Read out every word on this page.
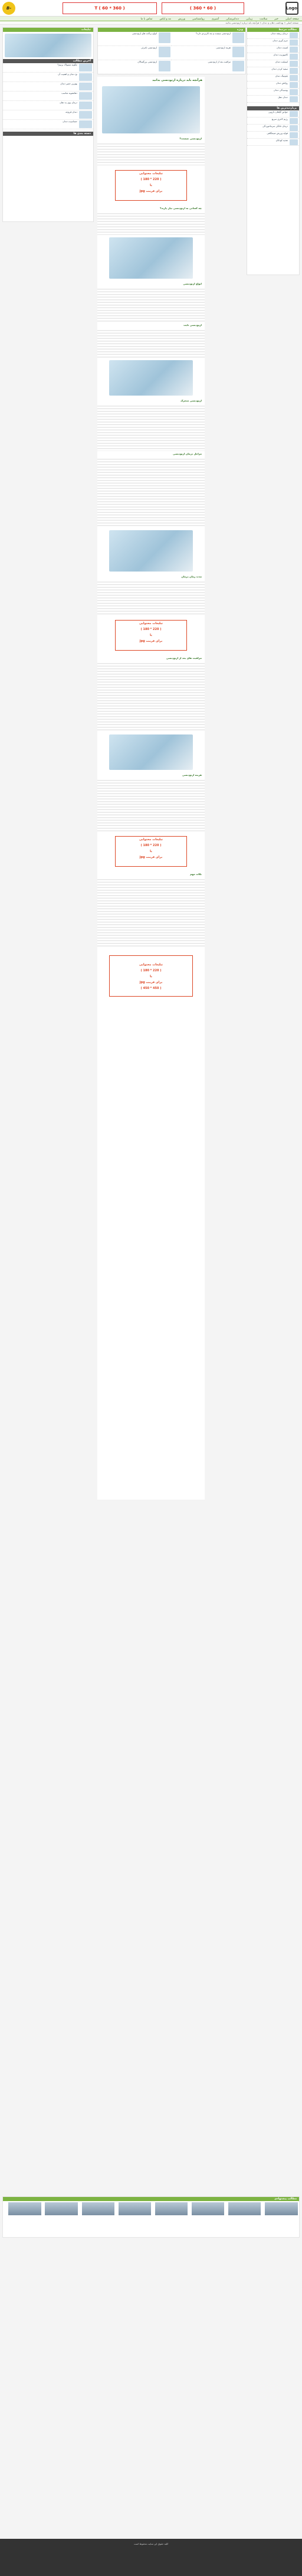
Logo
( 60 * 360 )
T ( 60 * 360 )
B-
صفحه اصلی خبر سلامت زیبایی دندانپزشکی آشپزی روانشناسی ورزش مد و لباس تماس با ما
صفحه اصلی » بهداشت دهان و دندان » هرآنچه باید درباره ارتودنسی بدانید
مطالب مرتبط
درمان ریشه دندان
جرم گیری دندان
لمینت دندان
کامپوزیت دندان
ایمپلنت دندان
سفید کردن دندان
بلیچینگ دندان
روکش دندان
پوسیدگی دندان
دندان عقل
پربازدیدترین ها
خواص گیاهان دارویی
رژیم لاغری سریع
درمان خانگی سرماخوردگی
فواید ورزش صبحگاهی
تغذیه کودکان
ویژه
ارتودنسی چیست و چه کاربردی دارد؟
انواع براکت های ارتودنسی
هزینه ارتودنسی
ارتودنسی نامرئی
مراقبت بعد از ارتودنسی
ارتودنسی بزرگسالان
تبلیغات
آخرین مطالب
چگونه مسواک بزنیم؟
نخ دندان و اهمیت آن
بهترین خمیر دندان
دهانشویه مناسب
درمان بوی بد دهان
دندان قروچه
حساسیت دندان
دسته بندی ها
هرآنچه باید درباره ارتودنسی بدانید
ارتودنسی چیست؟
تبلیغات محتوایی
( 220 * 180 )
یا
برای فرمت jpg
چه کسانی به ارتودنسی نیاز دارند؟
انواع ارتودنسی
ارتودنسی ثابت
ارتودنسی متحرک
مراحل درمان ارتودنسی
مدت زمان درمان
تبلیغات محتوایی
( 220 * 180 )
یا
برای فرمت jpg
مراقبت های بعد از ارتودنسی
هزینه ارتودنسی
تبلیغات محتوایی
( 220 * 180 )
یا
برای فرمت jpg
نکات مهم
تبلیغات محتوایی
( 220 * 180 )
یا
برای فرمت jpg
( 450 * 450 )
مطالب پیشنهادی

کلیه حقوق این سایت محفوظ است
